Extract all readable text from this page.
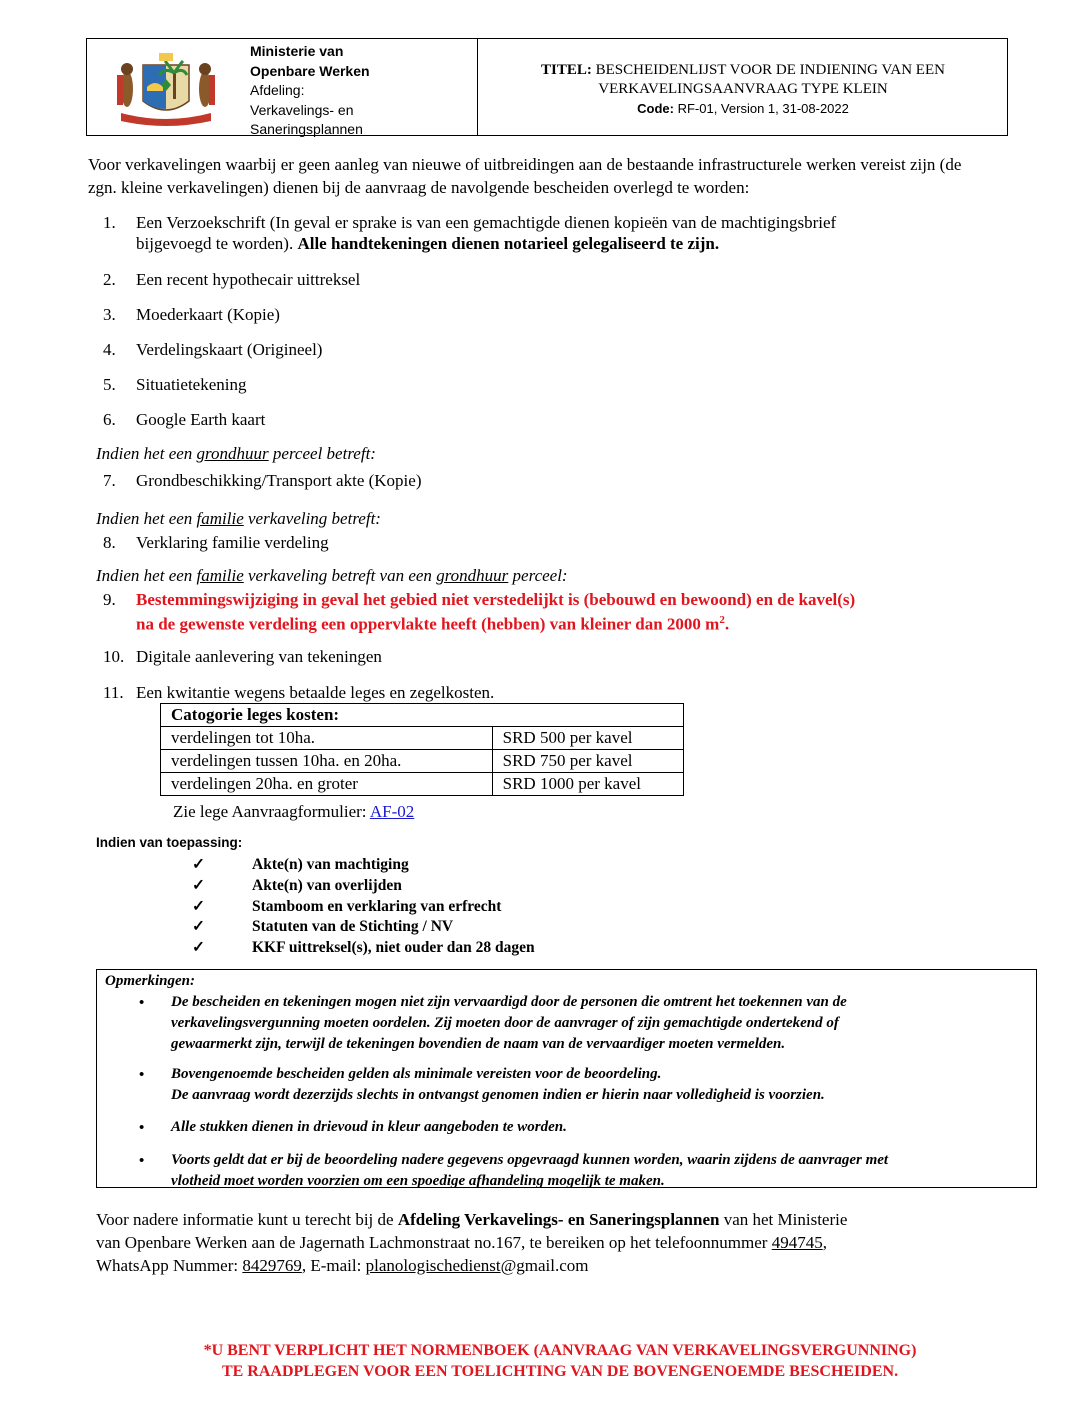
Ministerie van
Openbare Werken
Afdeling:
Verkavelings- en
Saneringsplannen
TITEL: BESCHEIDENLIJST VOOR DE INDIENING VAN EEN
VERKAVELINGSAANVRAAG TYPE KLEIN
Code: RF-01, Version 1, 31-08-2022
Voor verkavelingen waarbij er geen aanleg van nieuwe of uitbreidingen aan de bestaande infrastructurele werken vereist zijn (de zgn. kleine verkavelingen) dienen bij de aanvraag de navolgende bescheiden overlegd te worden:
1.	Een Verzoekschrift (In geval er sprake is van een gemachtigde dienen kopieën van de machtigingsbrief
bijgevoegd te worden). Alle handtekeningen dienen notarieel gelegaliseerd te zijn.
2.	Een recent hypothecair uittreksel
3.	Moederkaart (Kopie)
4.	Verdelingskaart (Origineel)
5.	Situatietekening
6.	Google Earth kaart
Indien het een grondhuur perceel betreft:
7.	Grondbeschikking/Transport akte (Kopie)
Indien het een familie verkaveling betreft:
8.	Verklaring familie verdeling
Indien het een familie verkaveling betreft van een grondhuur perceel:
9.	Bestemmingswijziging in geval het gebied niet verstedelijkt is (bebouwd en bewoond) en de kavel(s)
na de gewenste verdeling een oppervlakte heeft (hebben) van kleiner dan 2000 $m^2$.
10. Digitale aanlevering van tekeningen
11. Een kwitantie wegens betaalde leges en zegelkosten.
Catogorie leges kosten:	
verdelingen tot 10ha.	SRD 500 per kavel
verdelingen tussen 10ha. en 20ha.	SRD 750 per kavel
verdelingen 20ha. en groter	SRD 1000 per kavel
Zie lege Aanvraagformulier: AF-02
Indien van toepassing:
✓	Akte(n) van machtiging
✓	Akte(n) van overlijden
✓	Stamboom en verklaring van erfrecht
✓	Statuten van de Stichting / NV
✓	KKF uittreksel(s), niet ouder dan 28 dagen
Opmerkingen:
•	De bescheiden en tekeningen mogen niet zijn vervaardigd door de personen die omtrent het toekennen van de
verkavelingsvergunning moeten oordelen. Zij moeten door de aanvrager of zijn gemachtigde ondertekend of
gewaarmerkt zijn, terwijl de tekeningen bovendien de naam van de vervaardiger moeten vermelden.
•	Bovengenoemde bescheiden gelden als minimale vereisten voor de beoordeling.
De aanvraag wordt dezerzijds slechts in ontvangst genomen indien er hierin naar volledigheid is voorzien.
•	Alle stukken dienen in drievoud in kleur aangeboden te worden.
•	Voorts geldt dat er bij de beoordeling nadere gegevens opgevraagd kunnen worden, waarin zijdens de aanvrager met
vlotheid moet worden voorzien om een spoedige afhandeling mogelijk te maken.
Voor nadere informatie kunt u terecht bij de Afdeling Verkavelings- en Saneringsplannen van het Ministerie
van Openbare Werken aan de Jagernath Lachmonstraat no.167, te bereiken op het telefoonnummer 494745,
WhatsApp Nummer: 8429769, E-mail: planologischedienst@gmail.com
*U BENT VERPLICHT HET NORMENBOEK (AANVRAAG VAN VERKAVELINGSVERGUNNING)
TE RAADPLEGEN VOOR EEN TOELICHTING VAN DE BOVENGENOEMDE BESCHEIDEN.
